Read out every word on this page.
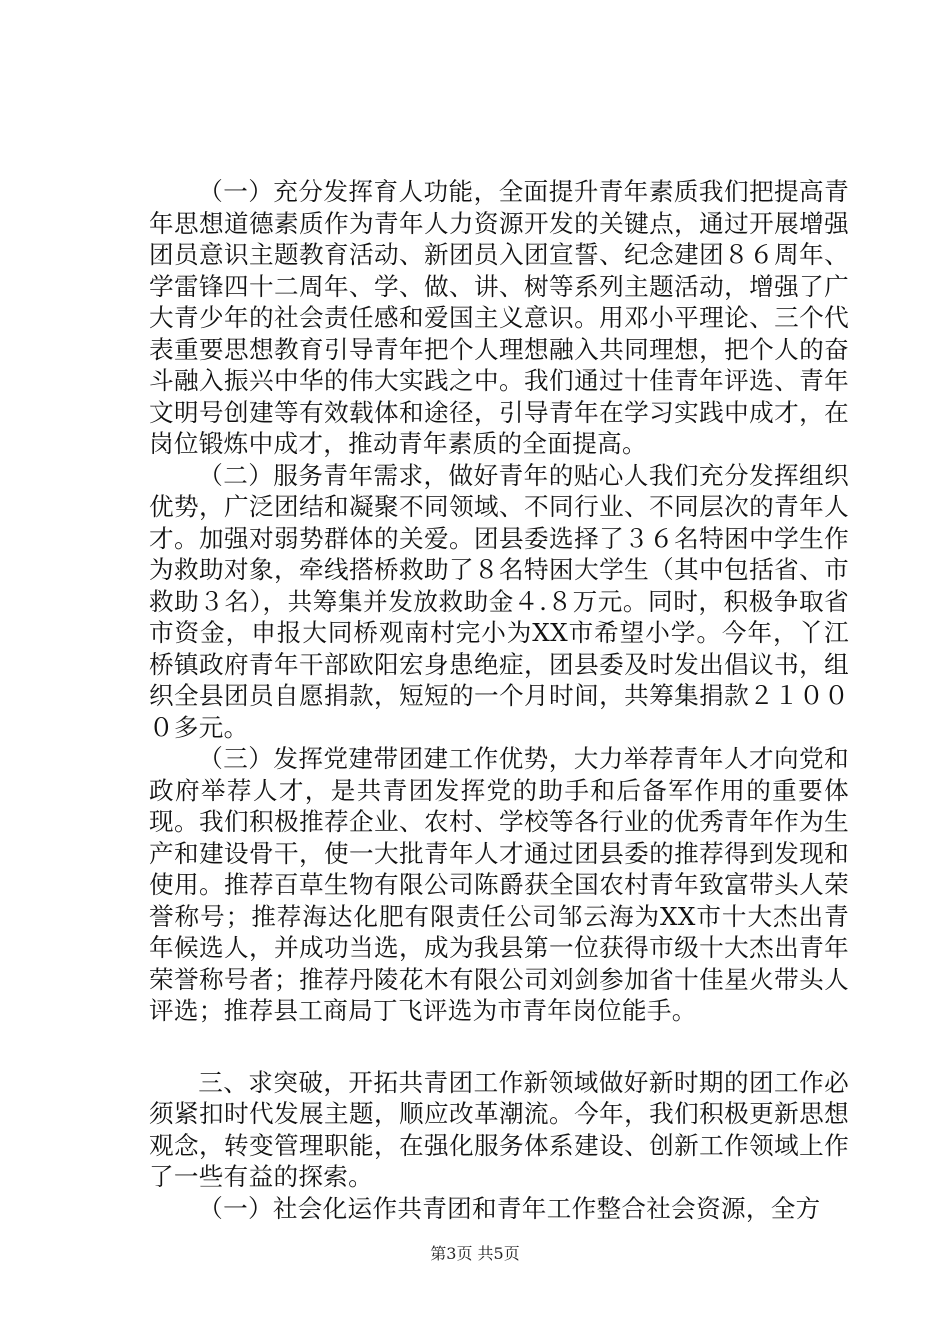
（一）充分发挥育人功能，全面提升青年素质我们把提高青年思想道德素质作为青年人力资源开发的关键点，通过开展增强团员意识主题教育活动、新团员入团宣誓、纪念建团８６周年、学雷锋四十二周年、学、做、讲、树等系列主题活动，增强了广大青少年的社会责任感和爱国主义意识。用邓小平理论、三个代表重要思想教育引导青年把个人理想融入共同理想，把个人的奋斗融入振兴中华的伟大实践之中。我们通过十佳青年评选、青年文明号创建等有效载体和途径，引导青年在学习实践中成才，在岗位锻炼中成才，推动青年素质的全面提高。

（二）服务青年需求，做好青年的贴心人我们充分发挥组织优势，广泛团结和凝聚不同领域、不同行业、不同层次的青年人才。加强对弱势群体的关爱。团县委选择了３６名特困中学生作为救助对象，牵线搭桥救助了８名特困大学生（其中包括省、市救助３名），共筹集并发放救助金４.８万元。同时，积极争取省市资金，申报大同桥观南村完小为XX市希望小学。今年，丫江桥镇政府青年干部欧阳宏身患绝症，团县委及时发出倡议书，组织全县团员自愿捐款，短短的一个月时间，共筹集捐款２１０００多元。

（三）发挥党建带团建工作优势，大力举荐青年人才向党和政府举荐人才，是共青团发挥党的助手和后备军作用的重要体现。我们积极推荐企业、农村、学校等各行业的优秀青年作为生产和建设骨干，使一大批青年人才通过团县委的推荐得到发现和使用。推荐百草生物有限公司陈爵获全国农村青年致富带头人荣誉称号；推荐海达化肥有限责任公司邹云海为XX市十大杰出青年候选人，并成功当选，成为我县第一位获得市级十大杰出青年荣誉称号者；推荐丹陵花木有限公司刘剑参加省十佳星火带头人评选；推荐县工商局丁飞评选为市青年岗位能手。

三、求突破，开拓共青团工作新领域做好新时期的团工作必须紧扣时代发展主题，顺应改革潮流。今年，我们积极更新思想观念，转变管理职能，在强化服务体系建设、创新工作领域上作了一些有益的探索。

（一）社会化运作共青团和青年工作整合社会资源，全方

第3页 共5页
